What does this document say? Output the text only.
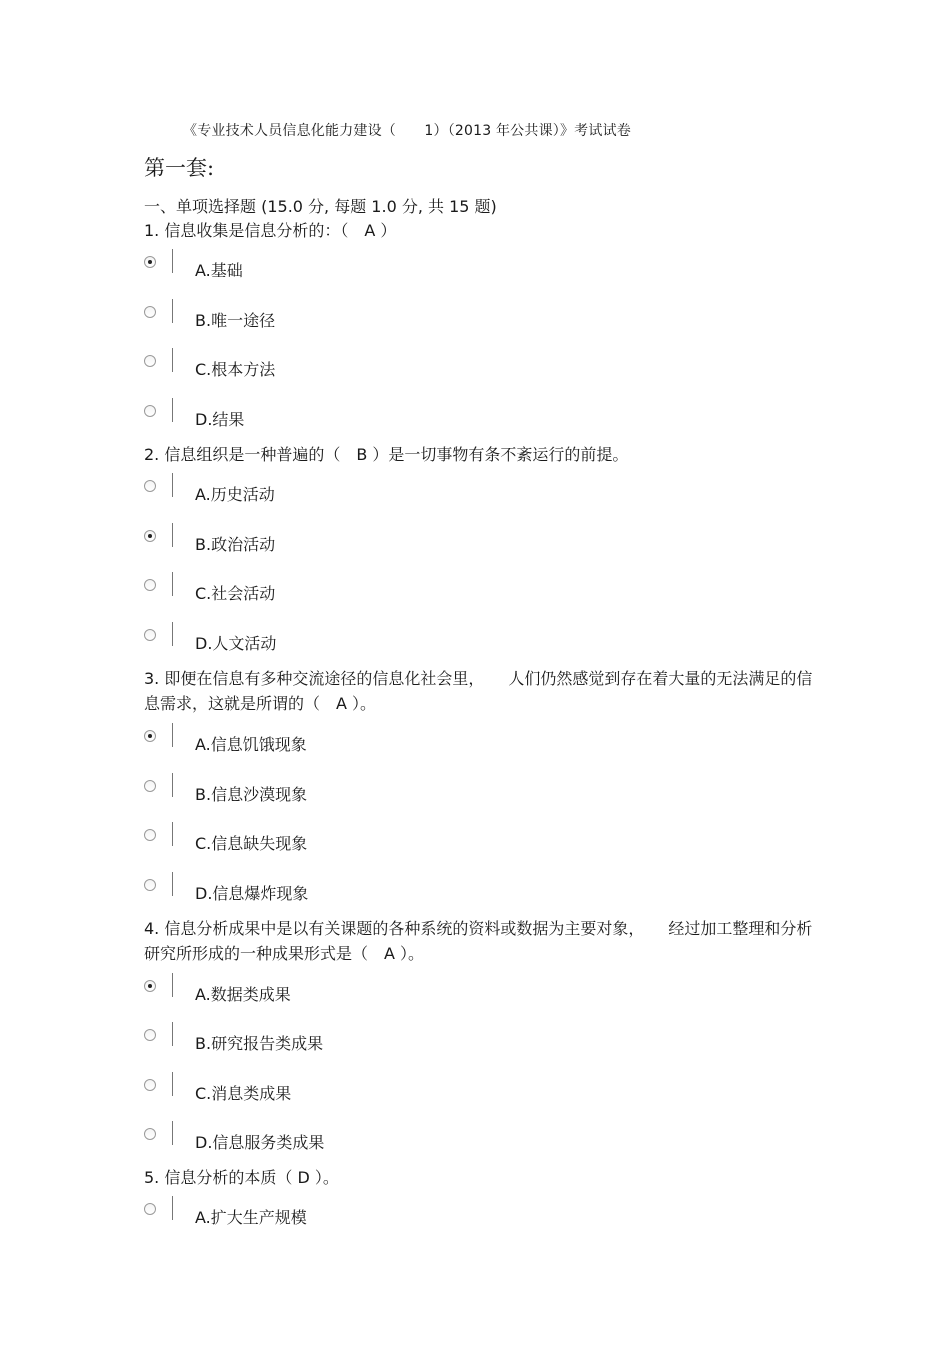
《专业技术人员信息化能力建设（　　1）（2013 年公共课）》考试试卷
第一套:
一、单项选择题 (15.0 分, 每题 1.0 分, 共 15 题)
1. 信息收集是信息分析的：（　A ）
A.基础
B.唯一途径
C.根本方法
D.结果
2. 信息组织是一种普遍的（　B ）是一切事物有条不紊运行的前提。
A.历史活动
B.政治活动
C.社会活动
D.人文活动
3. 即便在信息有多种交流途径的信息化社会里，　　人们仍然感觉到存在着大量的无法满足的信息需求，这就是所谓的（　A ）。
A.信息饥饿现象
B.信息沙漠现象
C.信息缺失现象
D.信息爆炸现象
4. 信息分析成果中是以有关课题的各种系统的资料或数据为主要对象，　　经过加工整理和分析研究所形成的一种成果形式是（　A ）。
A.数据类成果
B.研究报告类成果
C.消息类成果
D.信息服务类成果
5. 信息分析的本质（ D ）。
A.扩大生产规模
